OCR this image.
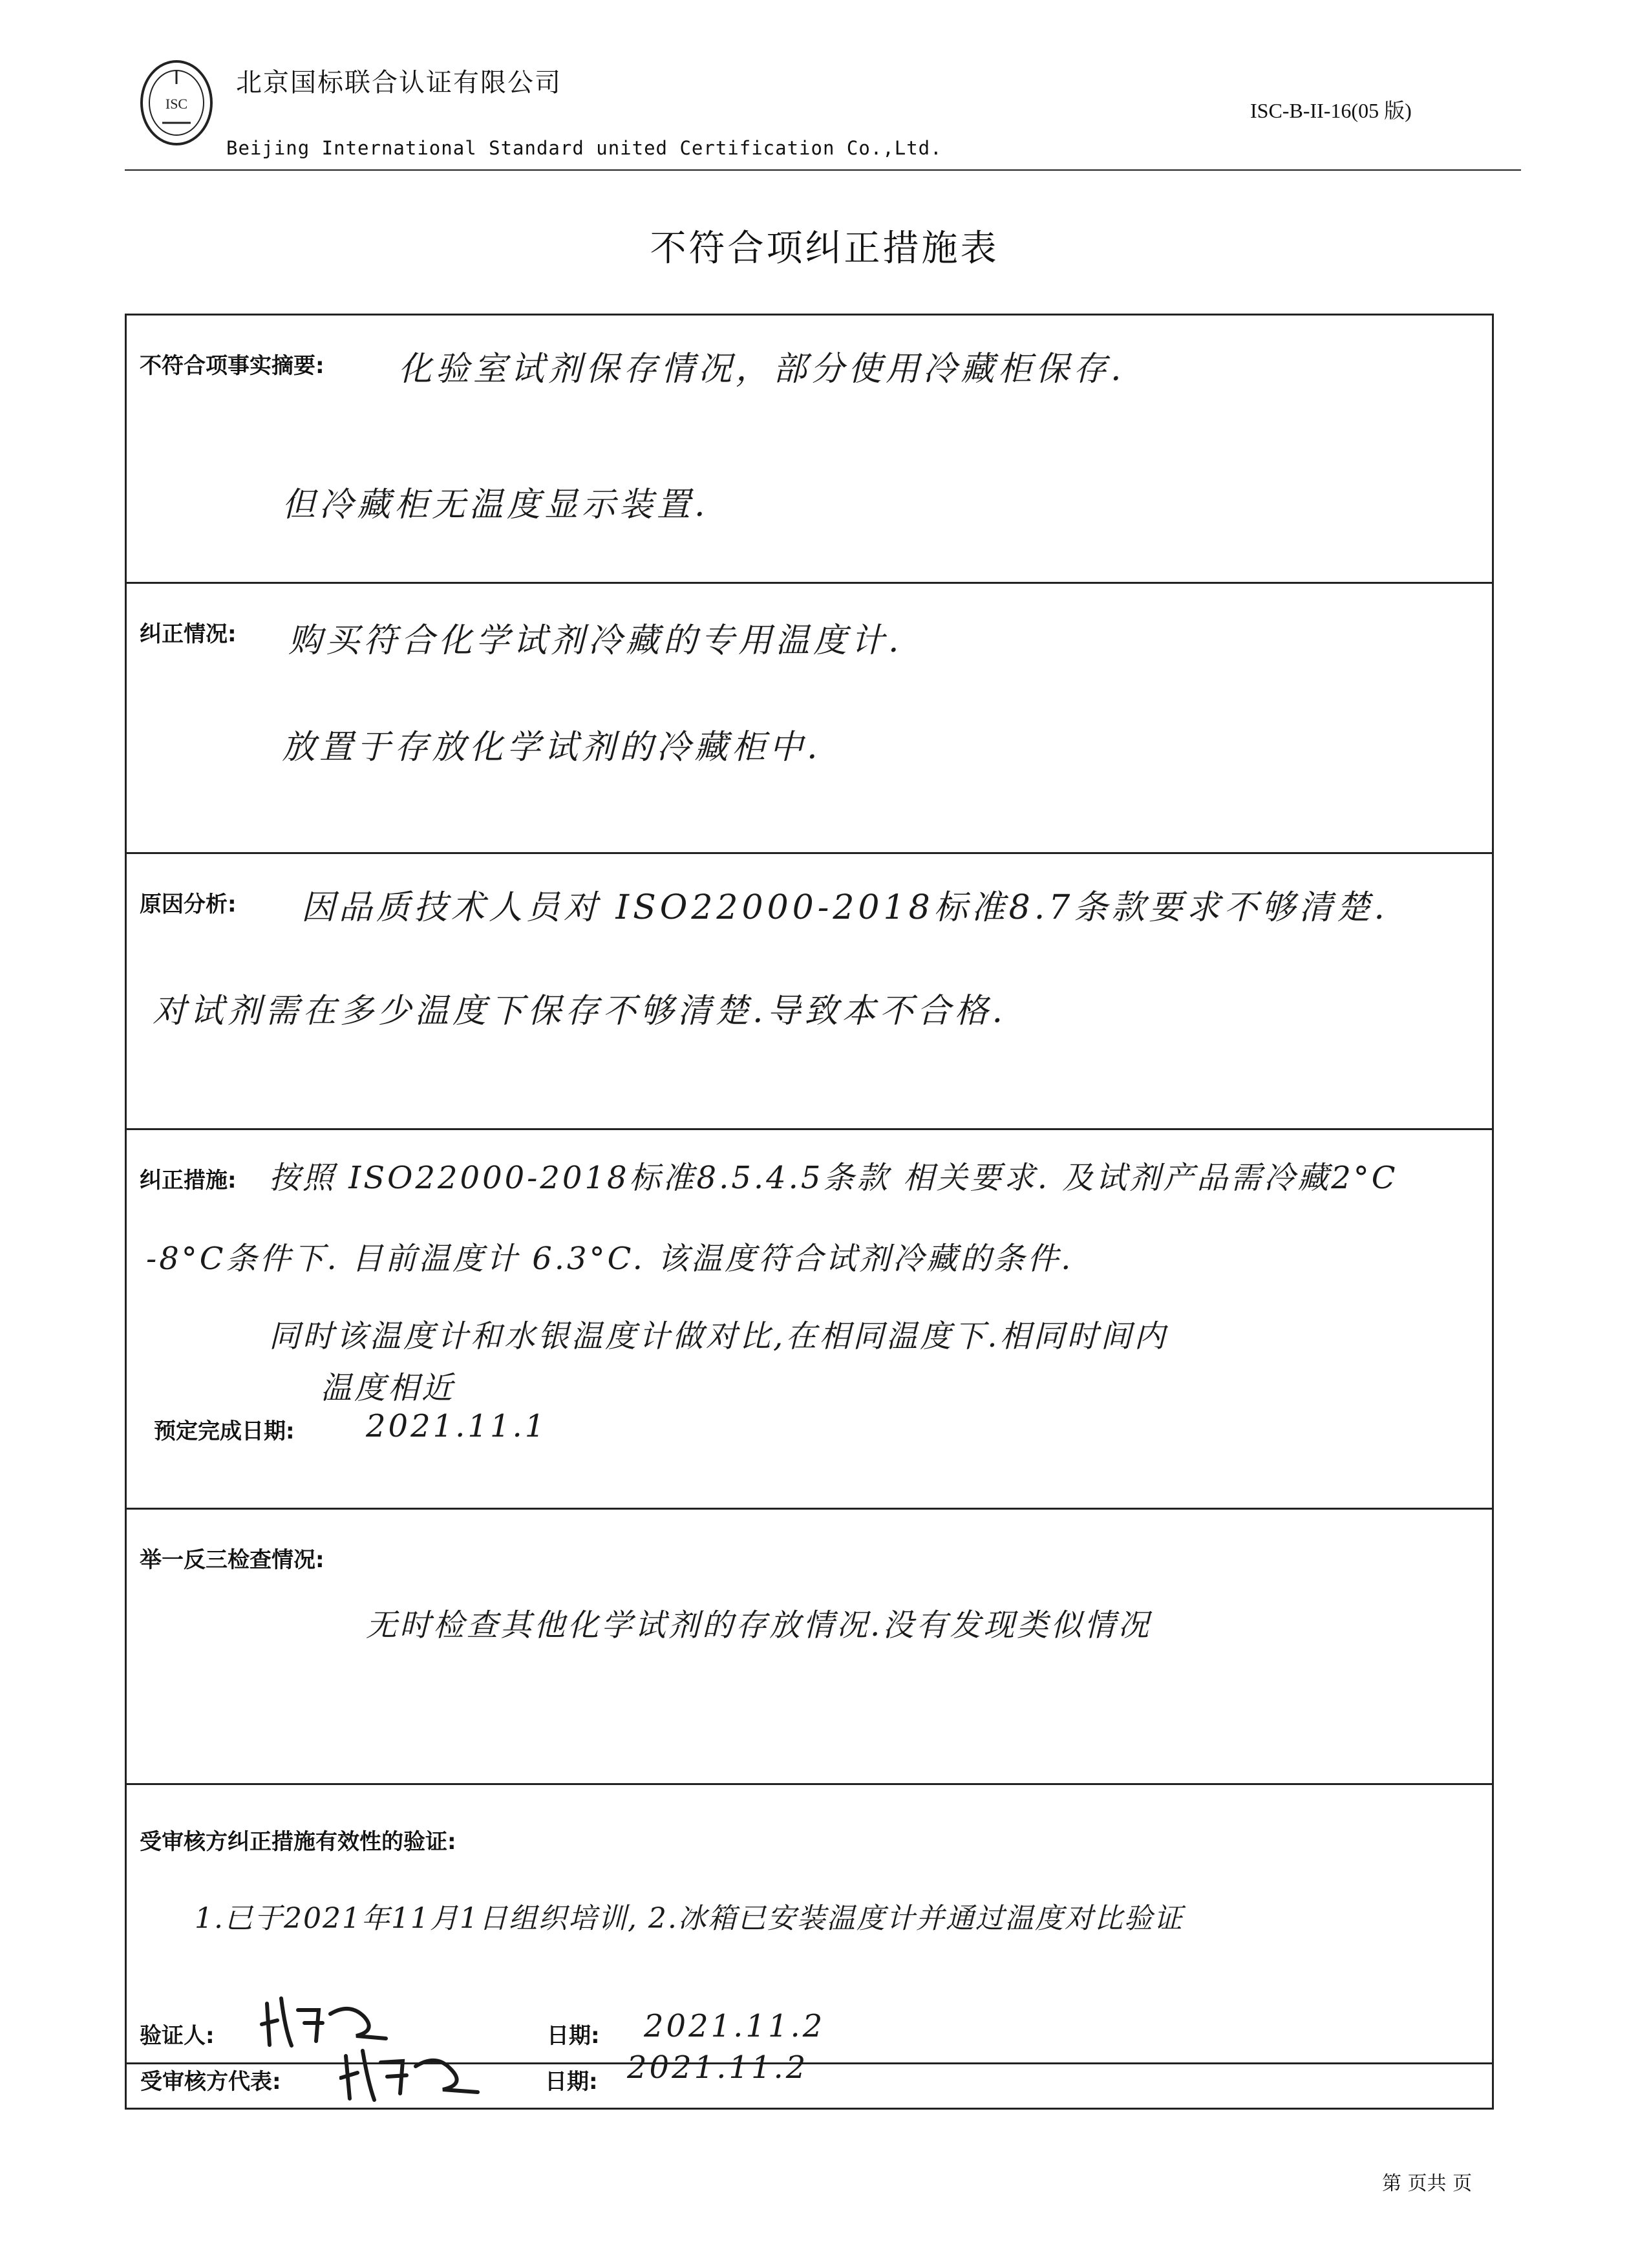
ISC
北京国标联合认证有限公司
Beijing International Standard united Certification Co.,Ltd.
ISC-B-II-16(05 版)
不符合项纠正措施表
不符合项事实摘要: 化验室试剂保存情况，部分使用冷藏柜保存.
但冷藏柜无温度显示装置.
纠正情况: 购买符合化学试剂冷藏的专用温度计.
放置于存放化学试剂的冷藏柜中.
原因分析: 因品质技术人员对 ISO22000-2018标准8.7条款要求不够清楚.
对试剂需在多少温度下保存不够清楚.导致本不合格.
纠正措施: 按照 ISO22000-2018标准8.5.4.5条款 相关要求. 及试剂产品需冷藏2°C
-8°C条件下. 目前温度计 6.3°C. 该温度符合试剂冷藏的条件.
同时该温度计和水银温度计做对比,在相同温度下.相同时间内
温度相近
预定完成日期: 2021.11.1
举一反三检查情况:
无时检查其他化学试剂的存放情况.没有发现类似情况
受审核方纠正措施有效性的验证:
1.已于2021年11月1日组织培训, 2.冰箱已安装温度计并通过温度对比验证
验证人:	日期: 2021.11.2
受审核方代表:	日期: 2021.11.2
第 页共 页
